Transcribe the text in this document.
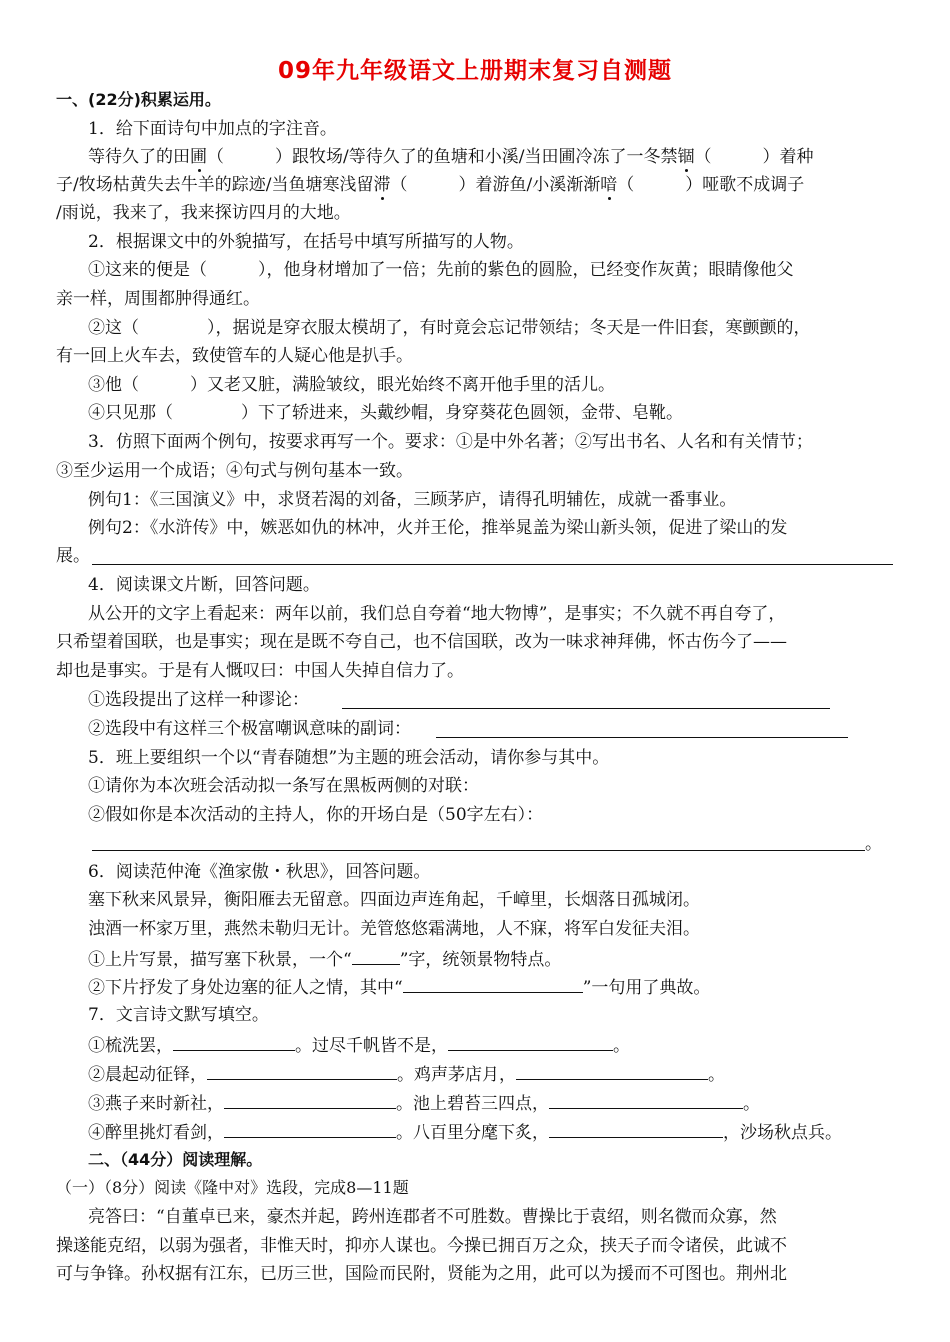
09年九年级语文上册期末复习自测题
一、(22分)积累运用。
1．给下面诗句中加点的字注音。
等待久了的田圃（　　　）跟牧场/等待久了的鱼塘和小溪/当田圃冷冻了一冬禁锢（　　　）着种
子/牧场枯黄失去牛羊的踪迹/当鱼塘寒浅留滞（　　　）着游鱼/小溪渐渐喑（　　　）哑歌不成调子
/雨说，我来了，我来探访四月的大地。
2．根据课文中的外貌描写，在括号中填写所描写的人物。
①这来的便是（　　　），他身材增加了一倍；先前的紫色的圆脸，已经变作灰黄；眼睛像他父
亲一样，周围都肿得通红。
②这（　　　　），据说是穿衣服太模胡了，有时竟会忘记带领结；冬天是一件旧套，寒颤颤的，
有一回上火车去，致使管车的人疑心他是扒手。
③他（　　　）又老又脏，满脸皱纹，眼光始终不离开他手里的活儿。
④只见那（　　　　）下了轿进来，头戴纱帽，身穿葵花色圆领，金带、皂靴。
3．仿照下面两个例句，按要求再写一个。要求：①是中外名著；②写出书名、人名和有关情节；
③至少运用一个成语；④句式与例句基本一致。
例句1：《三国演义》中，求贤若渴的刘备，三顾茅庐，请得孔明辅佐，成就一番事业。
例句2：《水浒传》中，嫉恶如仇的林冲，火并王伦，推举晁盖为梁山新头领，促进了梁山的发
展。
4．阅读课文片断，回答问题。
从公开的文字上看起来：两年以前，我们总自夸着“地大物博”，是事实；不久就不再自夸了，
只希望着国联，也是事实；现在是既不夸自己，也不信国联，改为一味求神拜佛，怀古伤今了——
却也是事实。于是有人慨叹曰：中国人失掉自信力了。
①选段提出了这样一种谬论：
②选段中有这样三个极富嘲讽意味的副词：
5．班上要组织一个以“青春随想”为主题的班会活动，请你参与其中。
①请你为本次班会活动拟一条写在黑板两侧的对联：
②假如你是本次活动的主持人，你的开场白是（50字左右）：
。
6．阅读范仲淹《渔家傲・秋思》，回答问题。
塞下秋来风景异，衡阳雁去无留意。四面边声连角起，千嶂里，长烟落日孤城闭。
浊酒一杯家万里，燕然未勒归无计。羌管悠悠霜满地，人不寐，将军白发征夫泪。
①上片写景，描写塞下秋景，一个“	”字，统领景物特点。
②下片抒发了身处边塞的征人之情，其中“	”一句用了典故。
7．文言诗文默写填空。
①梳洗罢，	。过尽千帆皆不是，	。
②晨起动征铎，	。鸡声茅店月，	。
③燕子来时新社，	。池上碧苔三四点，	。
④醉里挑灯看剑，	。八百里分麾下炙，	，沙场秋点兵。
二、（44分）阅读理解。
（一）（8分）阅读《隆中对》选段，完成8—11题
亮答曰：“自董卓已来，豪杰并起，跨州连郡者不可胜数。曹操比于袁绍，则名微而众寡，然
操遂能克绍，以弱为强者，非惟天时，抑亦人谋也。今操已拥百万之众，挟天子而令诸侯，此诚不
可与争锋。孙权据有江东，已历三世，国险而民附，贤能为之用，此可以为援而不可图也。荆州北
